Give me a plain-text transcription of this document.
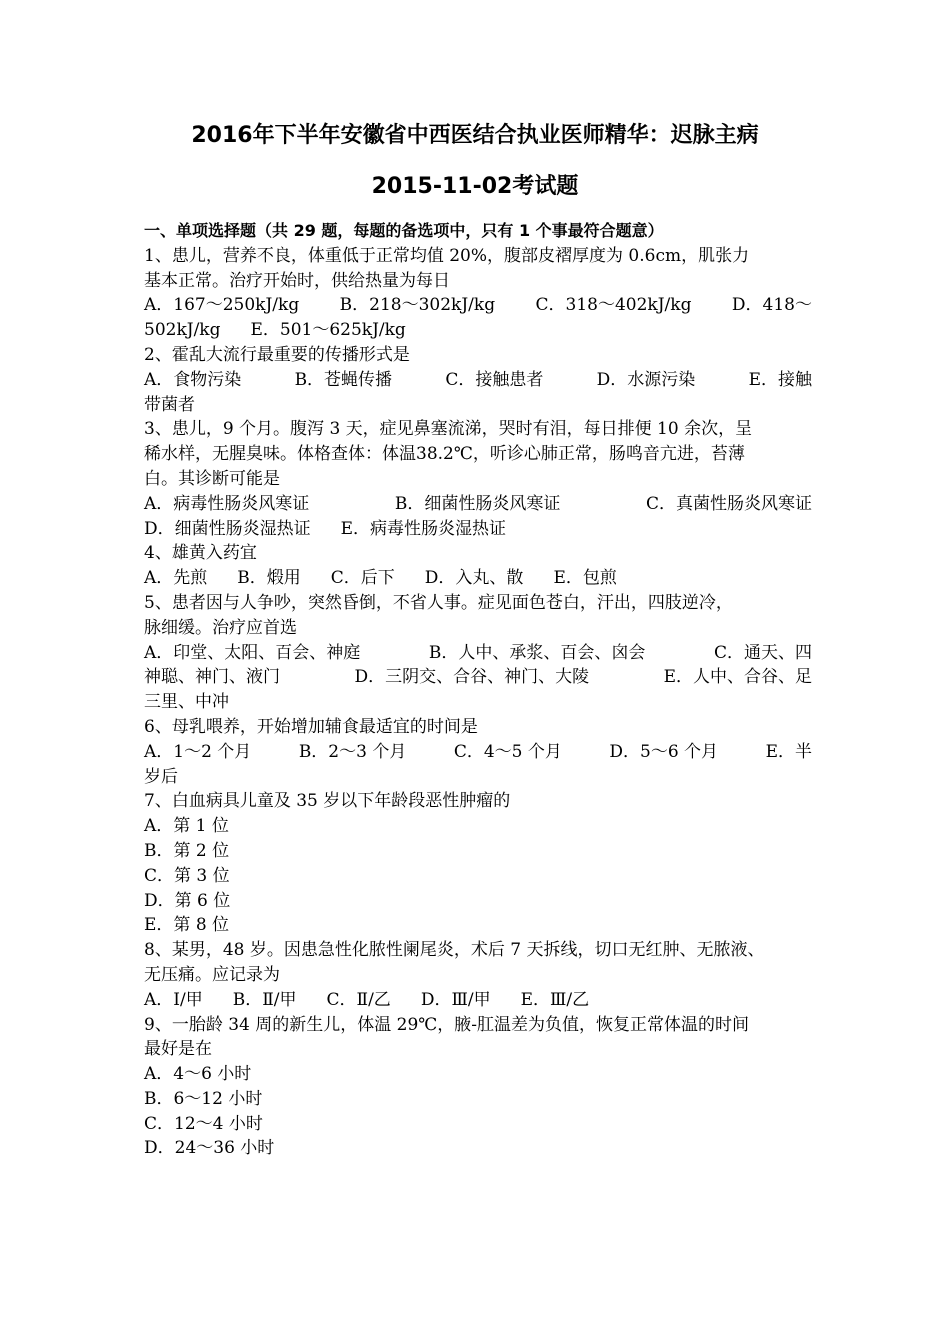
2016年下半年安徽省中西医结合执业医师精华：迟脉主病
2015-11-02考试题
一、单项选择题（共 29 题，每题的备选项中，只有 1 个事最符合题意）
1、患儿，营养不良，体重低于正常均值 20%，腹部皮褶厚度为 0.6cm，肌张力
基本正常。治疗开始时，供给热量为每日
A．167～250kJ/kg B．218～302kJ/kg C．318～402kJ/kg D．418～
502kJ/kg E．501～625kJ/kg
2、霍乱大流行最重要的传播形式是
A．食物污染	B．苍蝇传播	C．接触患者	D．水源污染	E．接触
带菌者
3、患儿，9 个月。腹泻 3 天，症见鼻塞流涕，哭时有泪，每日排便 10 余次，呈
稀水样，无腥臭味。体格查体：体温38.2℃，听诊心肺正常，肠鸣音亢进，苔薄
白。其诊断可能是
A．病毒性肠炎风寒证	B．细菌性肠炎风寒证	C．真菌性肠炎风寒证
D．细菌性肠炎湿热证 E．病毒性肠炎湿热证
4、雄黄入药宜
A．先煎 B．煅用 C．后下 D．入丸、散 E．包煎
5、患者因与人争吵，突然昏倒，不省人事。症见面色苍白，汗出，四肢逆冷，
脉细缓。治疗应首选
A．印堂、太阳、百会、神庭	B．人中、承浆、百会、囟会	C．通天、四
神聪、神门、液门	D．三阴交、合谷、神门、大陵	E．人中、合谷、足
三里、中冲
6、母乳喂养，开始增加辅食最适宜的时间是
A．1～2 个月	B．2～3 个月	C．4～5 个月	D．5～6 个月	E．半
岁后
7、白血病具儿童及 35 岁以下年龄段恶性肿瘤的
A．第 1 位
B．第 2 位
C．第 3 位
D．第 6 位
E．第 8 位
8、某男，48 岁。因患急性化脓性阑尾炎，术后 7 天拆线，切口无红肿、无脓液、
无压痛。应记录为
A．Ⅰ/甲 B．Ⅱ/甲 C．Ⅱ/乙 D．Ⅲ/甲 E．Ⅲ/乙
9、一胎龄 34 周的新生儿，体温 29℃，腋-肛温差为负值，恢复正常体温的时间
最好是在
A．4～6 小时
B．6～12 小时
C．12～4 小时
D．24～36 小时
